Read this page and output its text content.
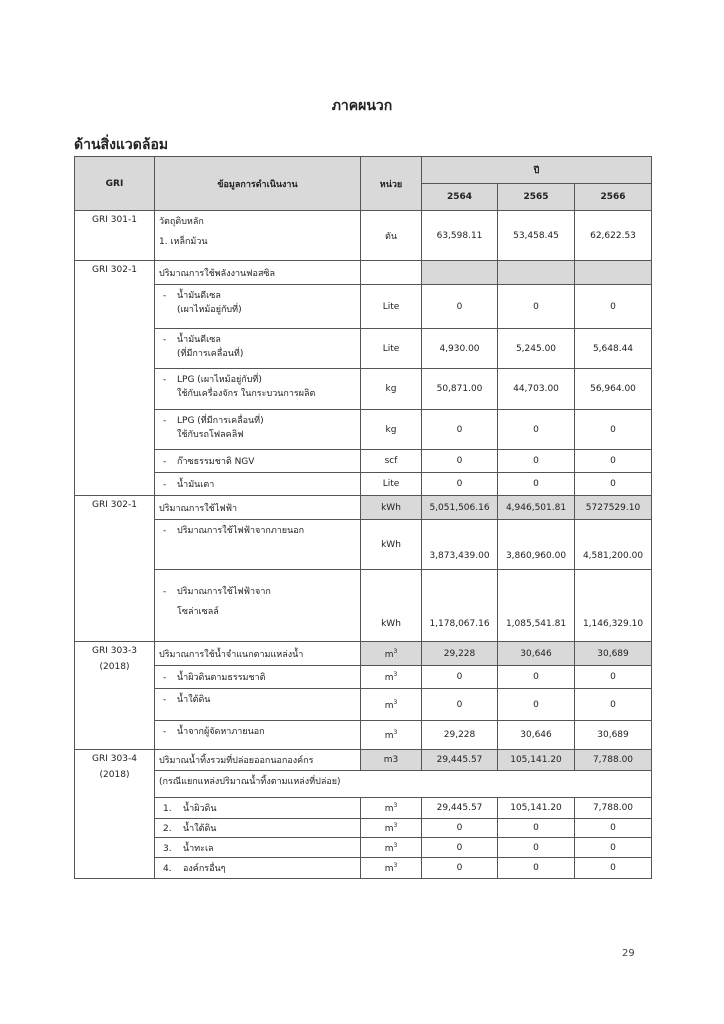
ภาคผนวก
ด้านสิ่งแวดล้อม
GRI	ข้อมูลการดำเนินงาน	หน่วย	ปี		
			2564	2565	2566
GRI 301-1	วัตถุดิบหลัก
1. เหล็กม้วน	ตัน	63,598.11	53,458.45	62,622.53
GRI 302-1	ปริมาณการใช้พลังงานฟอสซิล				
	- น้ำมันดีเซล
(เผาไหม้อยู่กับที่)	Lite	0	0	0
	- น้ำมันดีเซล
(ที่มีการเคลื่อนที่)	Lite	4,930.00	5,245.00	5,648.44
	- LPG (เผาไหม้อยู่กับที่)
ใช้กับเครื่องจักร ในกระบวนการผลิต	kg	50,871.00	44,703.00	56,964.00
	- LPG (ที่มีการเคลื่อนที่)
ใช้กับรถโฟลคลิฟ	kg	0	0	0
	- ก๊าซธรรมชาติ NGV	scf	0	0	0
	- น้ำมันเตา	Lite	0	0	0
GRI 302-1	ปริมาณการใช้ไฟฟ้า	kWh	5,051,506.16	4,946,501.81	5727529.10
	- ปริมาณการใช้ไฟฟ้าจากภายนอก	kWh	3,873,439.00	3,860,960.00	4,581,200.00
	- ปริมาณการใช้ไฟฟ้าจาก
โซล่าเซลล์	kWh	1,178,067.16	1,085,541.81	1,146,329.10

GRI 303-3
(2018)	ปริมาณการใช้น้ำจำแนกตามแหล่งน้ำ	$m^3$	29,228	30,646	30,689
	- น้ำผิวดินตามธรรมชาติ	$m^3$	0	0	0
	- น้ำใต้ดิน	$m^3$	0	0	0
	- น้ำจากผู้จัดหาภายนอก	$m^3$	29,228	30,646	30,689

GRI 303-4
(2018)	ปริมาณน้ำทิ้งรวมที่ปล่อยออกนอกองค์กร	m3	29,445.57	105,141.20	7,788.00
	(กรณีแยกแหล่งปริมาณน้ำทิ้งตามแหล่งที่ปล่อย)				
	1. น้ำผิวดิน	$m^3$	29,445.57	105,141.20	7,788.00
	2. น้ำใต้ดิน	$m^3$	0	0	0
	3. น้ำทะเล	$m^3$	0	0	0
	4. องค์กรอื่นๆ	$m^3$	0	0	0
29
